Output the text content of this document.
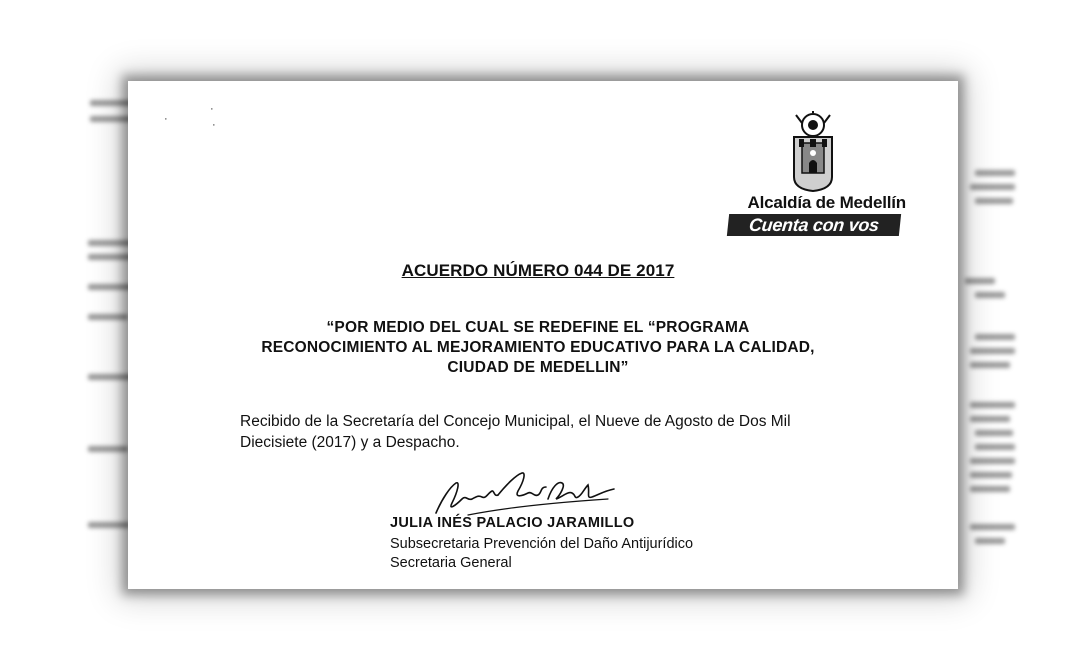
·
·
·
Alcaldía de Medellín
Cuenta con vos
ACUERDO NÚMERO 044 DE 2017
“POR MEDIO DEL CUAL SE REDEFINE EL “PROGRAMA
RECONOCIMIENTO AL MEJORAMIENTO EDUCATIVO PARA LA CALIDAD,
CIUDAD DE MEDELLIN”
Recibido de la Secretaría del Concejo Municipal, el Nueve de Agosto de Dos Mil
Diecisiete (2017) y a Despacho.
JULIA INÉS PALACIO JARAMILLO
Subsecretaria Prevención del Daño Antijurídico
Secretaria General
